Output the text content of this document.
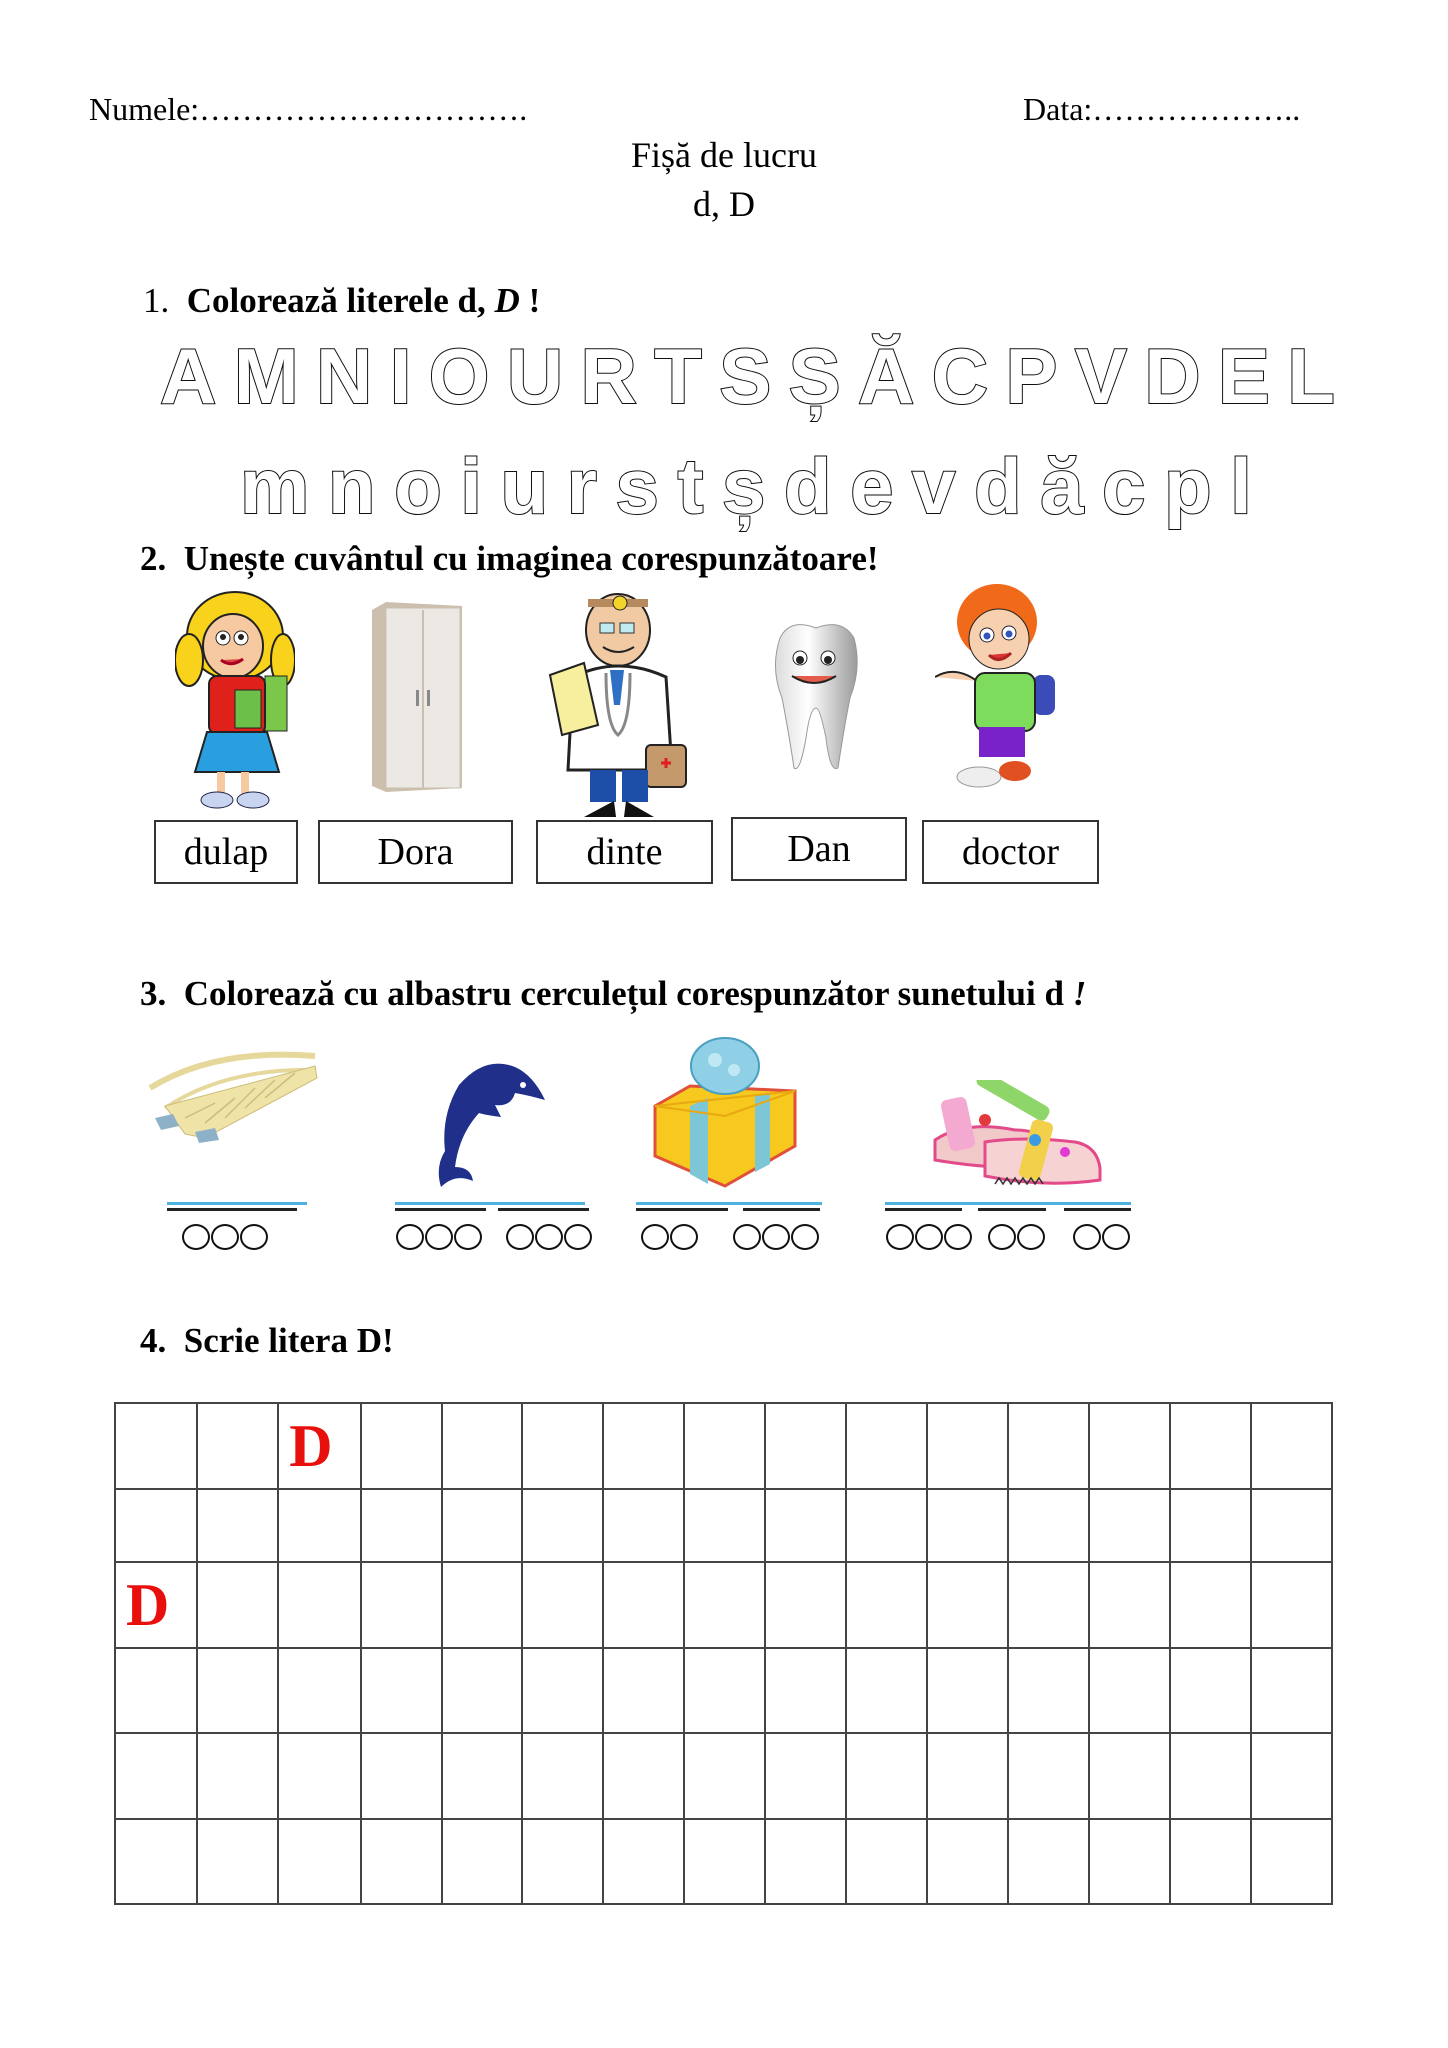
Numele:………………………….	Data:………………..
Fișă de lucru
d, D
1. Colorează literele d, D !
A M N I O U R T S Ș Ă C P V D E L
m n o i u r s t ș d e v d ă c p l
2. Unește cuvântul cu imaginea corespunzătoare!
dulap	Dora	dinte	Dan	doctor
3. Colorează cu albastru cerculețul corespunzător sunetului d !
4. Scrie litera D!
		D												

D														
